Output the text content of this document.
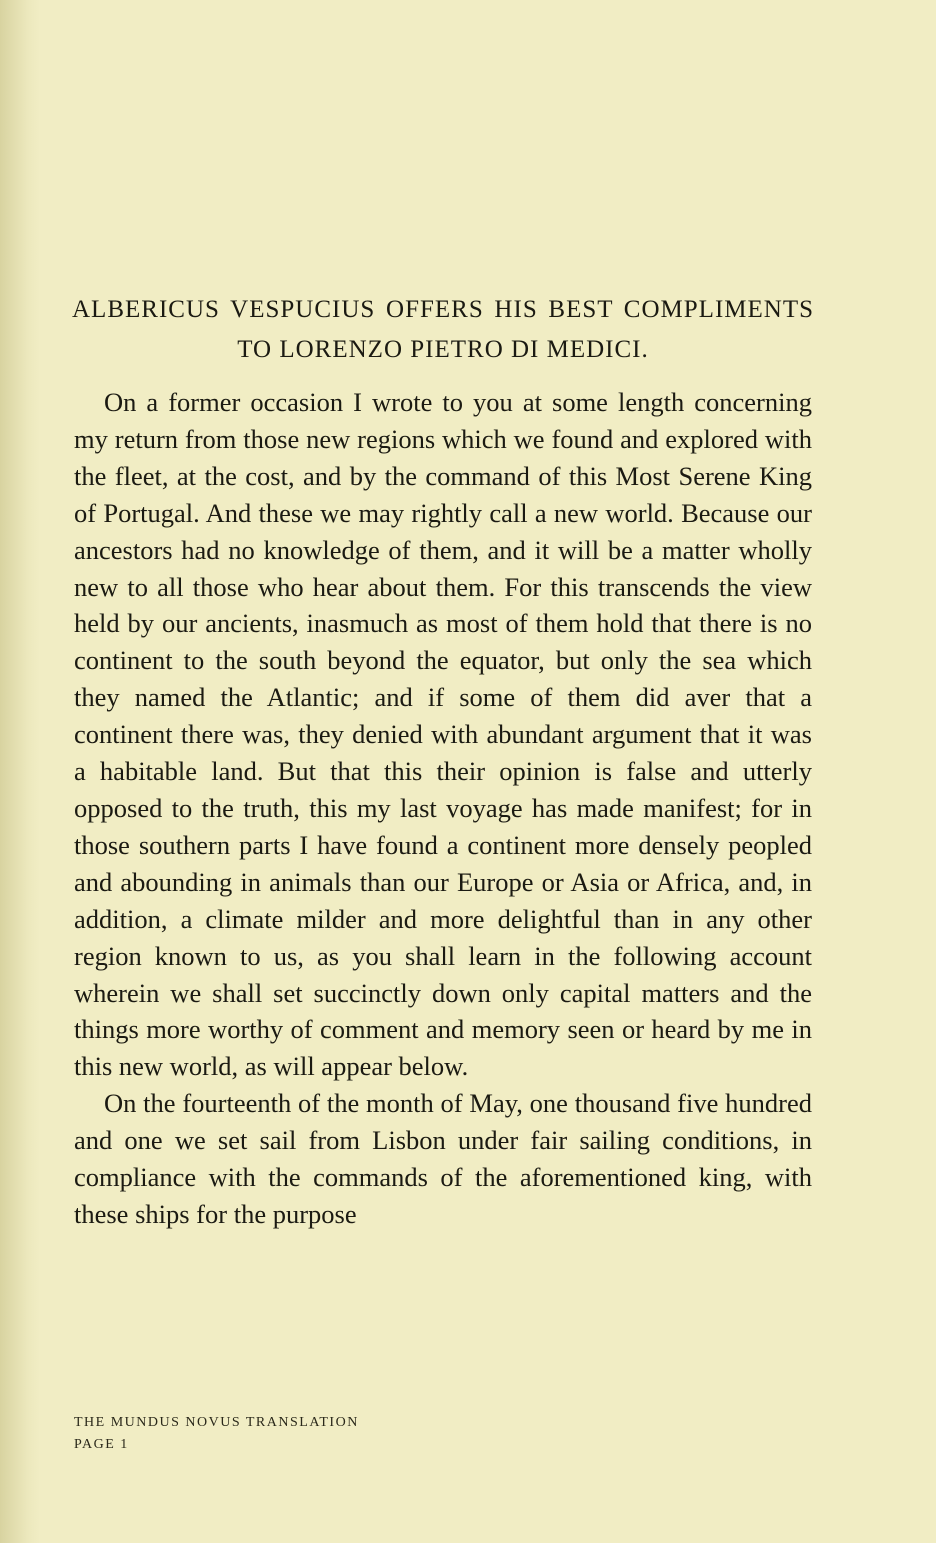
ALBERICUS VESPUCIUS OFFERS HIS BEST COMPLIMENTS
TO LORENZO PIETRO DI MEDICI.

On a former occasion I wrote to you at some length concerning my return from those new regions which we found and explored with the fleet, at the cost, and by the command of this Most Serene King of Portugal. And these we may rightly call a new world. Because our ancestors had no knowledge of them, and it will be a matter wholly new to all those who hear about them. For this transcends the view held by our ancients, inasmuch as most of them hold that there is no continent to the south beyond the equator, but only the sea which they named the Atlantic; and if some of them did aver that a continent there was, they denied with abundant argument that it was a habitable land. But that this their opinion is false and utterly opposed to the truth, this my last voyage has made manifest; for in those southern parts I have found a continent more densely peopled and abounding in animals than our Europe or Asia or Africa, and, in addition, a climate milder and more delightful than in any other region known to us, as you shall learn in the following account wherein we shall set succinctly down only capital matters and the things more worthy of comment and memory seen or heard by me in this new world, as will appear below.

On the fourteenth of the month of May, one thousand five hundred and one we set sail from Lisbon under fair sailing conditions, in compliance with the commands of the aforementioned king, with these ships for the purpose

THE MUNDUS NOVUS TRANSLATION
PAGE 1
